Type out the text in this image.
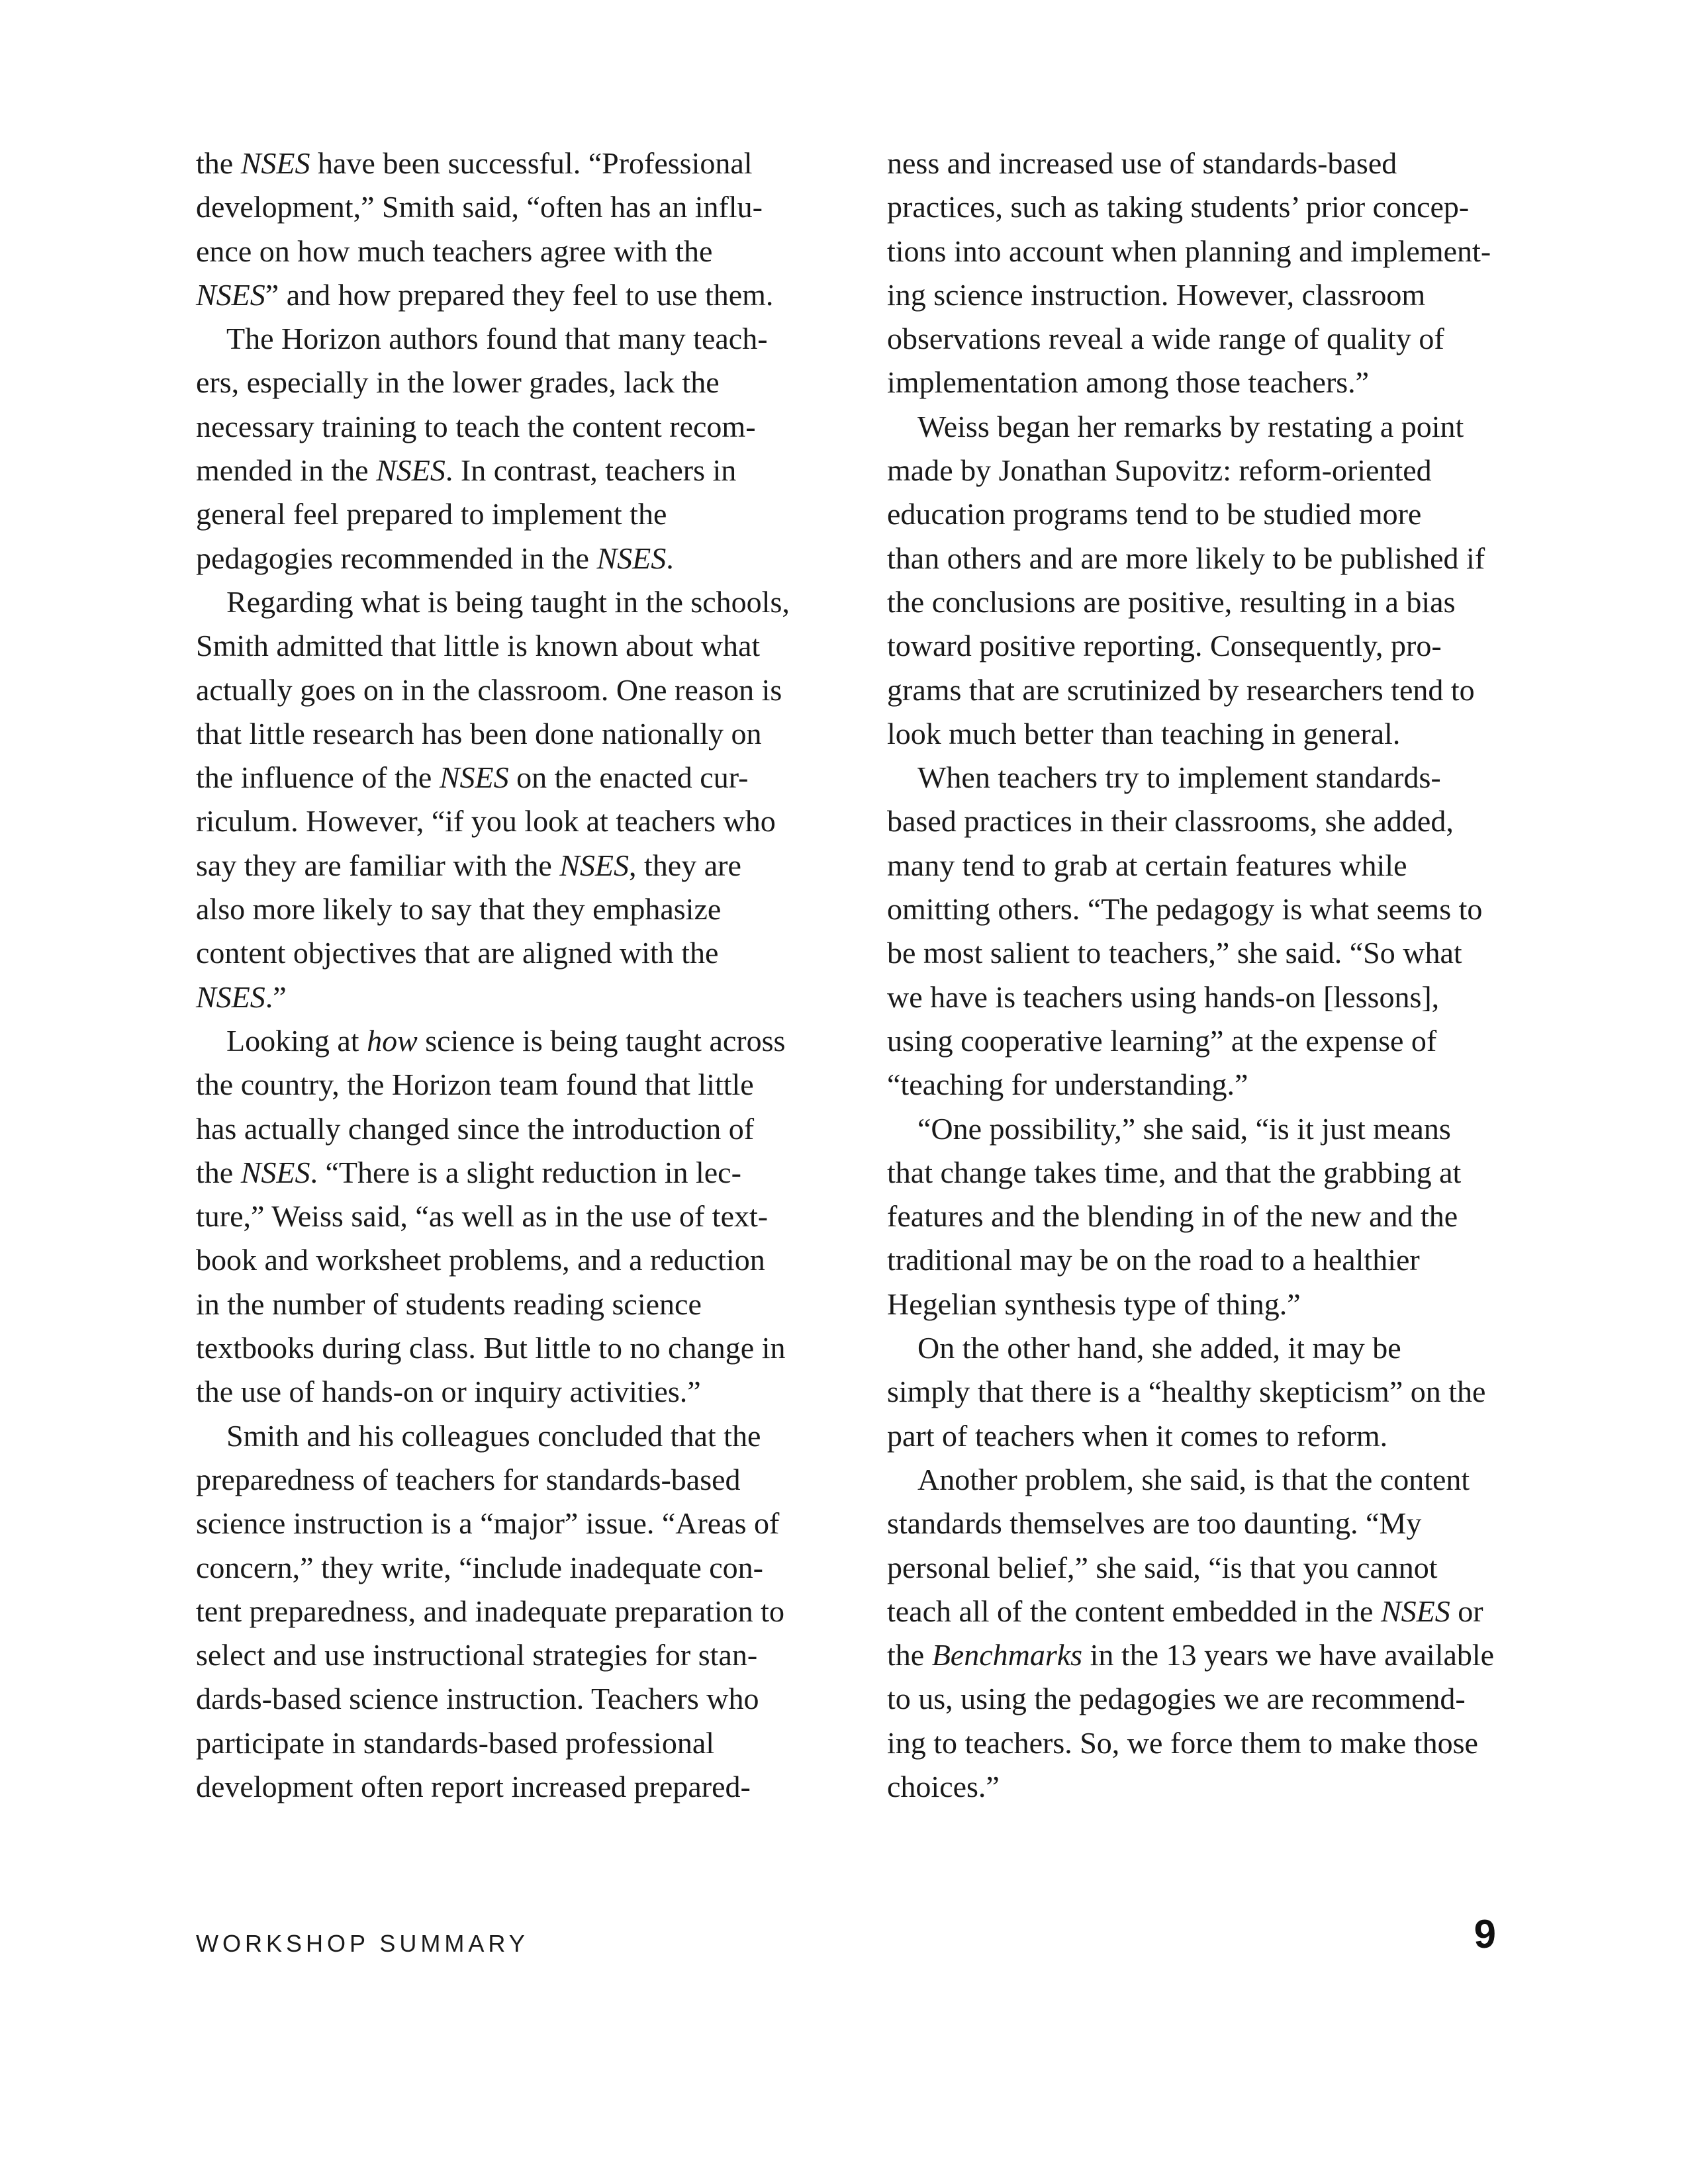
the NSES have been successful. “Professional
development,” Smith said, “often has an influ-
ence on how much teachers agree with the
NSES” and how prepared they feel to use them.
The Horizon authors found that many teach-
ers, especially in the lower grades, lack the
necessary training to teach the content recom-
mended in the NSES. In contrast, teachers in
general feel prepared to implement the
pedagogies recommended in the NSES.
Regarding what is being taught in the schools,
Smith admitted that little is known about what
actually goes on in the classroom. One reason is
that little research has been done nationally on
the influence of the NSES on the enacted cur-
riculum. However, “if you look at teachers who
say they are familiar with the NSES, they are
also more likely to say that they emphasize
content objectives that are aligned with the
NSES.”
Looking at how science is being taught across
the country, the Horizon team found that little
has actually changed since the introduction of
the NSES. “There is a slight reduction in lec-
ture,” Weiss said, “as well as in the use of text-
book and worksheet problems, and a reduction
in the number of students reading science
textbooks during class. But little to no change in
the use of hands-on or inquiry activities.”
Smith and his colleagues concluded that the
preparedness of teachers for standards-based
science instruction is a “major” issue. “Areas of
concern,” they write, “include inadequate con-
tent preparedness, and inadequate preparation to
select and use instructional strategies for stan-
dards-based science instruction. Teachers who
participate in standards-based professional
development often report increased prepared-
ness and increased use of standards-based
practices, such as taking students’ prior concep-
tions into account when planning and implement-
ing science instruction. However, classroom
observations reveal a wide range of quality of
implementation among those teachers.”
Weiss began her remarks by restating a point
made by Jonathan Supovitz: reform-oriented
education programs tend to be studied more
than others and are more likely to be published if
the conclusions are positive, resulting in a bias
toward positive reporting. Consequently, pro-
grams that are scrutinized by researchers tend to
look much better than teaching in general.
When teachers try to implement standards-
based practices in their classrooms, she added,
many tend to grab at certain features while
omitting others. “The pedagogy is what seems to
be most salient to teachers,” she said. “So what
we have is teachers using hands-on [lessons],
using cooperative learning” at the expense of
“teaching for understanding.”
“One possibility,” she said, “is it just means
that change takes time, and that the grabbing at
features and the blending in of the new and the
traditional may be on the road to a healthier
Hegelian synthesis type of thing.”
On the other hand, she added, it may be
simply that there is a “healthy skepticism” on the
part of teachers when it comes to reform.
Another problem, she said, is that the content
standards themselves are too daunting. “My
personal belief,” she said, “is that you cannot
teach all of the content embedded in the NSES or
the Benchmarks in the 13 years we have available
to us, using the pedagogies we are recommend-
ing to teachers. So, we force them to make those
choices.”
WORKSHOP SUMMARY	9
